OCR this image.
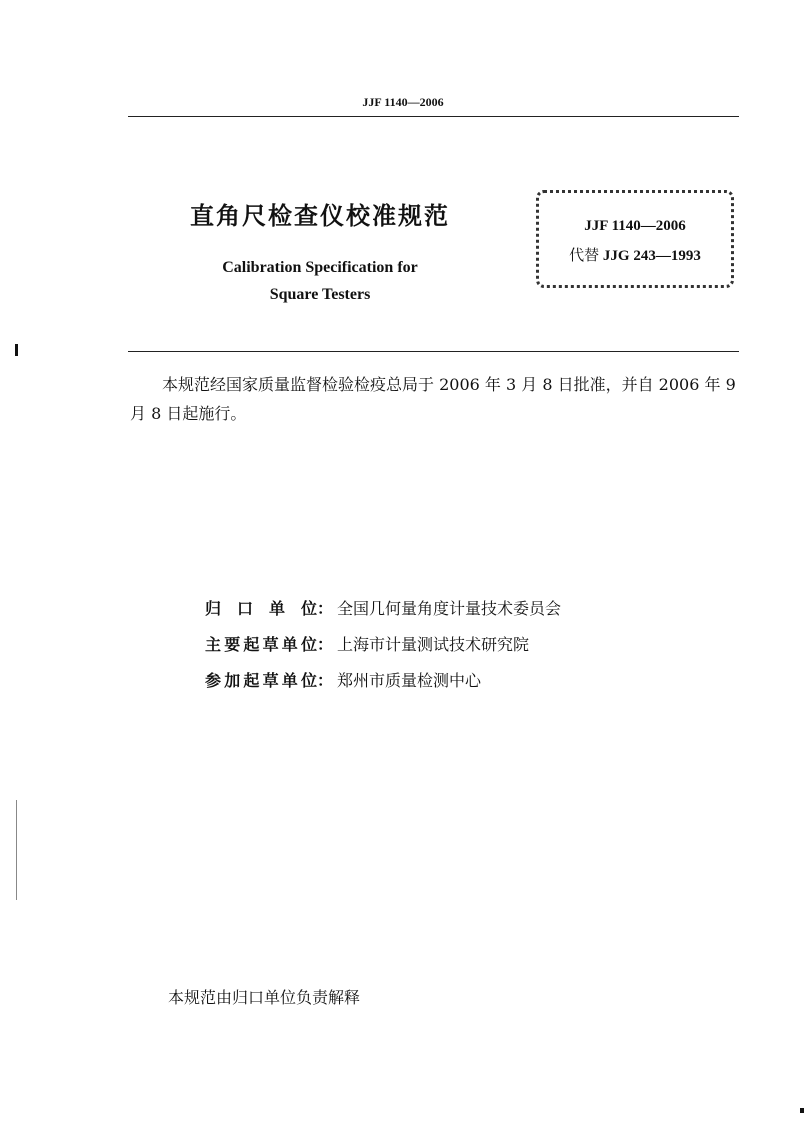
JJF 1140—2006
直角尺检查仪校准规范
Calibration Specification for
Square Testers
JJF 1140—2006
代替 JJG 243—1993
本规范经国家质量监督检验检疫总局于 2006 年 3 月 8 日批准，并自 2006 年 9 月 8 日起施行。
归口单位： 全国几何量角度计量技术委员会
主要起草单位： 上海市计量测试技术研究院
参加起草单位： 郑州市质量检测中心
本规范由归口单位负责解释
